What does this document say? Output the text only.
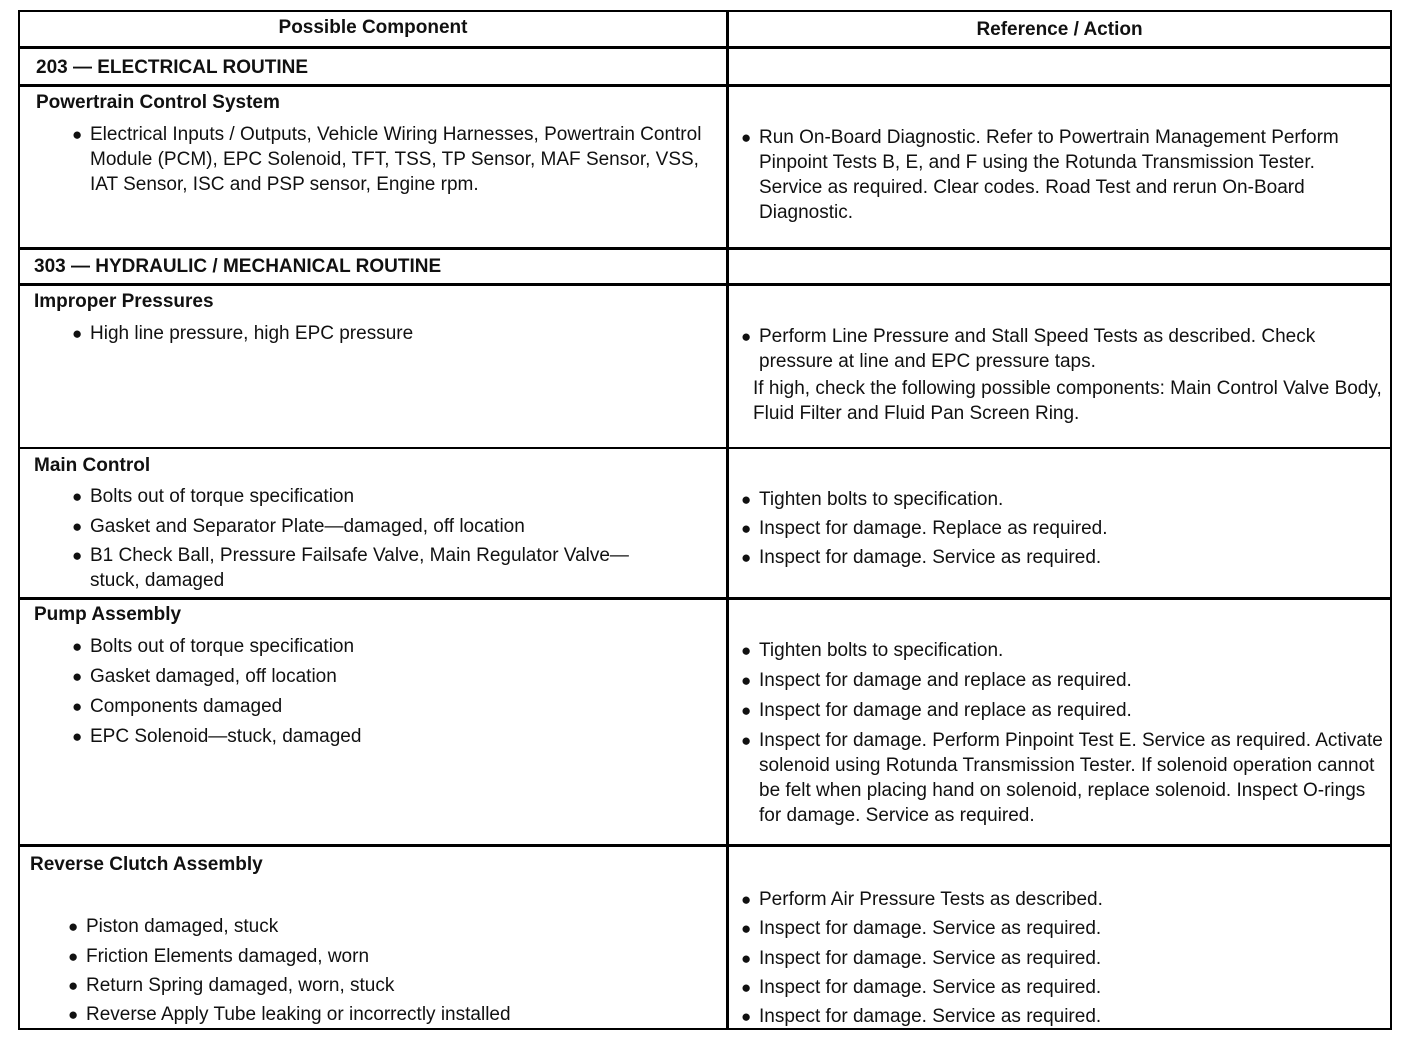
Possible Component	Reference / Action
203 — ELECTRICAL ROUTINE
Powertrain Control System
● Electrical Inputs / Outputs, Vehicle Wiring Harnesses, Powertrain Control Module (PCM), EPC Solenoid, TFT, TSS, TP Sensor, MAF Sensor, VSS, IAT Sensor, ISC and PSP sensor, Engine rpm.
● Run On-Board Diagnostic. Refer to Powertrain Management Perform Pinpoint Tests B, E, and F using the Rotunda Transmission Tester. Service as required. Clear codes. Road Test and rerun On-Board Diagnostic.
303 — HYDRAULIC / MECHANICAL ROUTINE
Improper Pressures
● High line pressure, high EPC pressure	● Perform Line Pressure and Stall Speed Tests as described. Check pressure at line and EPC pressure taps.
If high, check the following possible components: Main Control Valve Body, Fluid Filter and Fluid Pan Screen Ring.
Main Control
● Bolts out of torque specification
● Gasket and Separator Plate—damaged, off location
● B1 Check Ball, Pressure Failsafe Valve, Main Regulator Valve—stuck, damaged
● Tighten bolts to specification.
● Inspect for damage. Replace as required.
● Inspect for damage. Service as required.
Pump Assembly
● Bolts out of torque specification
● Gasket damaged, off location
● Components damaged
● EPC Solenoid—stuck, damaged
● Tighten bolts to specification.
● Inspect for damage and replace as required.
● Inspect for damage and replace as required.
● Inspect for damage. Perform Pinpoint Test E. Service as required. Activate solenoid using Rotunda Transmission Tester. If solenoid operation cannot be felt when placing hand on solenoid, replace solenoid. Inspect O-rings for damage. Service as required.
Reverse Clutch Assembly
● Piston damaged, stuck
● Friction Elements damaged, worn
● Return Spring damaged, worn, stuck
● Reverse Apply Tube leaking or incorrectly installed
● Perform Air Pressure Tests as described.
● Inspect for damage. Service as required.
● Inspect for damage. Service as required.
● Inspect for damage. Service as required.
● Inspect for damage. Service as required.
